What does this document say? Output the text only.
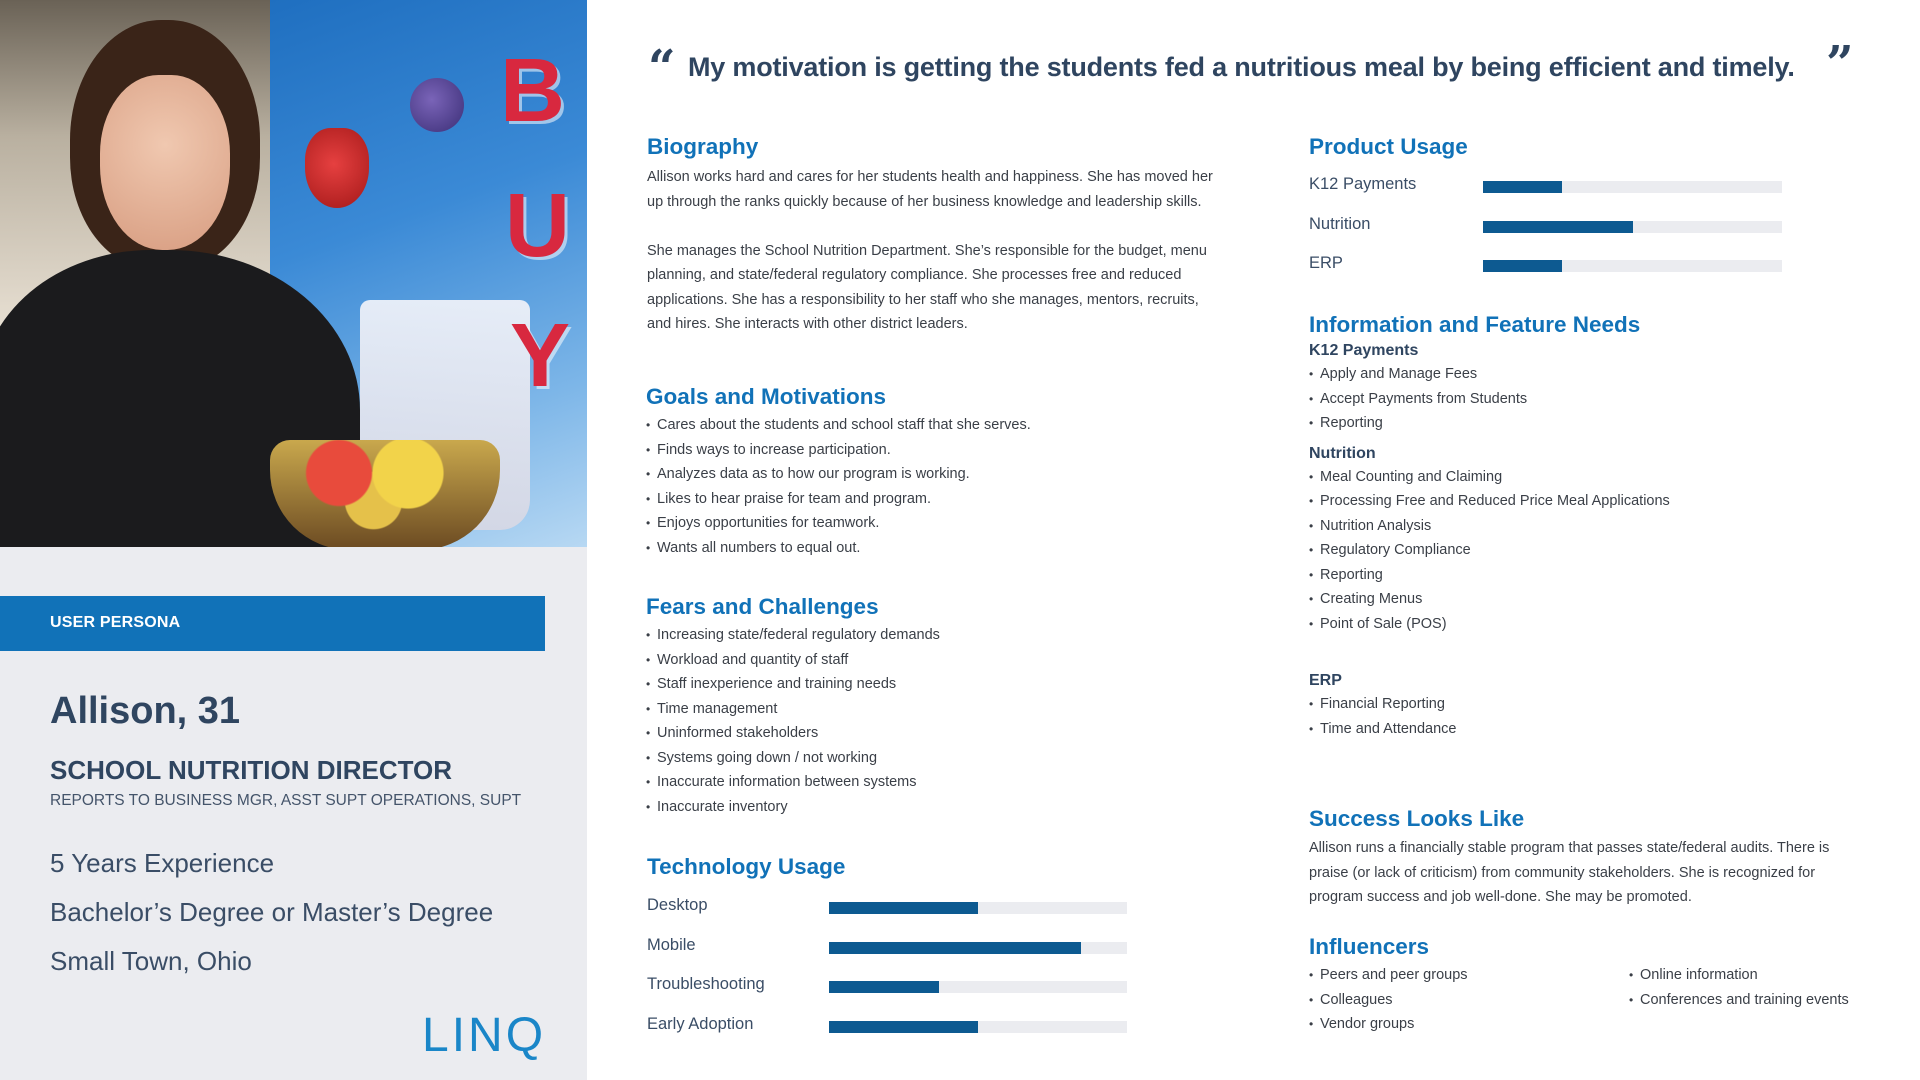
B
U
Y
USER PERSONA
Allison, 31
SCHOOL NUTRITION DIRECTOR
REPORTS TO BUSINESS MGR, ASST SUPT OPERATIONS, SUPT
5 Years Experience
Bachelor’s Degree or Master’s Degree
Small Town, Ohio
LINQ
“ My motivation is getting the students fed a nutritious meal by being efficient and timely. ”
Biography

Allison works hard and cares for her students health and happiness. She has moved her up through the ranks quickly because of her business knowledge and leadership skills.

She manages the School Nutrition Department. She’s responsible for the budget, menu planning, and state/federal regulatory compliance. She processes free and reduced applications. She has a responsibility to her staff who she manages, mentors, recruits, and hires. She interacts with other district leaders.

Goals and Motivations
• Cares about the students and school staff that she serves.
• Finds ways to increase participation.
• Analyzes data as to how our program is working.
• Likes to hear praise for team and program.
• Enjoys opportunities for teamwork.
• Wants all numbers to equal out.
Fears and Challenges
• Increasing state/federal regulatory demands
• Workload and quantity of staff
• Staff inexperience and training needs
• Time management
• Uninformed stakeholders
• Systems going down / not working
• Inaccurate information between systems
• Inaccurate inventory
Technology Usage
Desktop
Mobile
Troubleshooting
Early Adoption
Product Usage
K12 Payments
Nutrition
ERP
Information and Feature Needs
K12 Payments
• Apply and Manage Fees
• Accept Payments from Students
• Reporting
Nutrition
• Meal Counting and Claiming
• Processing Free and Reduced Price Meal Applications
• Nutrition Analysis
• Regulatory Compliance
• Reporting
• Creating Menus
• Point of Sale (POS)
ERP
• Financial Reporting
• Time and Attendance
Success Looks Like

Allison runs a financially stable program that passes state/federal audits. There is praise (or lack of criticism) from community stakeholders. She is recognized for program success and job well-done. She may be promoted.

Influencers
• Peers and peer groups
• Colleagues
• Vendor groups
• Online information
• Conferences and training events
